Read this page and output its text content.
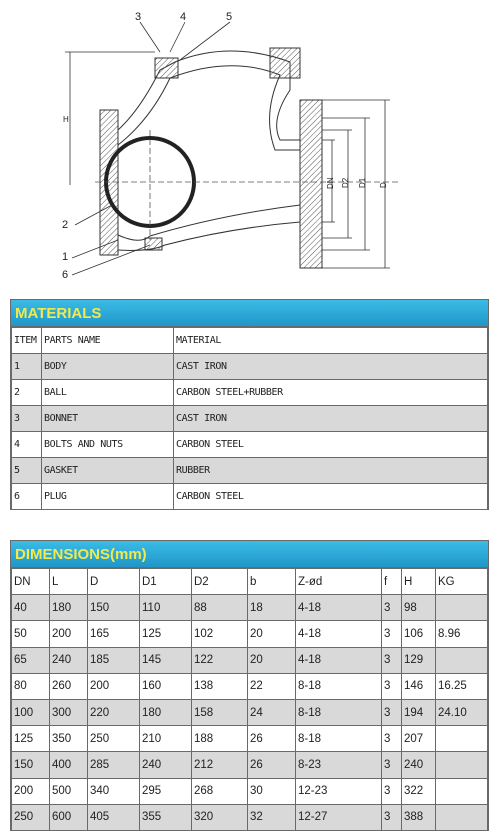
H
DN D2 D1 D
3	4	5
2
1
6
MATERIALS
ITEM	PARTS NAME	MATERIAL
1	BODY	CAST IRON
2	BALL	CARBON STEEL+RUBBER
3	BONNET	CAST IRON
4	BOLTS AND NUTS	CARBON STEEL
5	GASKET	RUBBER
6	PLUG	CARBON STEEL
DIMENSIONS(mm)
DN	L	D	D1	D2	b	Z-ød	f	H	KG
40	180	150	110	88	18	4-18	3	98	
50	200	165	125	102	20	4-18	3	106	8.96
65	240	185	145	122	20	4-18	3	129	
80	260	200	160	138	22	8-18	3	146	16.25
100	300	220	180	158	24	8-18	3	194	24.10
125	350	250	210	188	26	8-18	3	207	
150	400	285	240	212	26	8-23	3	240	
200	500	340	295	268	30	12-23	3	322	
250	600	405	355	320	32	12-27	3	388	
